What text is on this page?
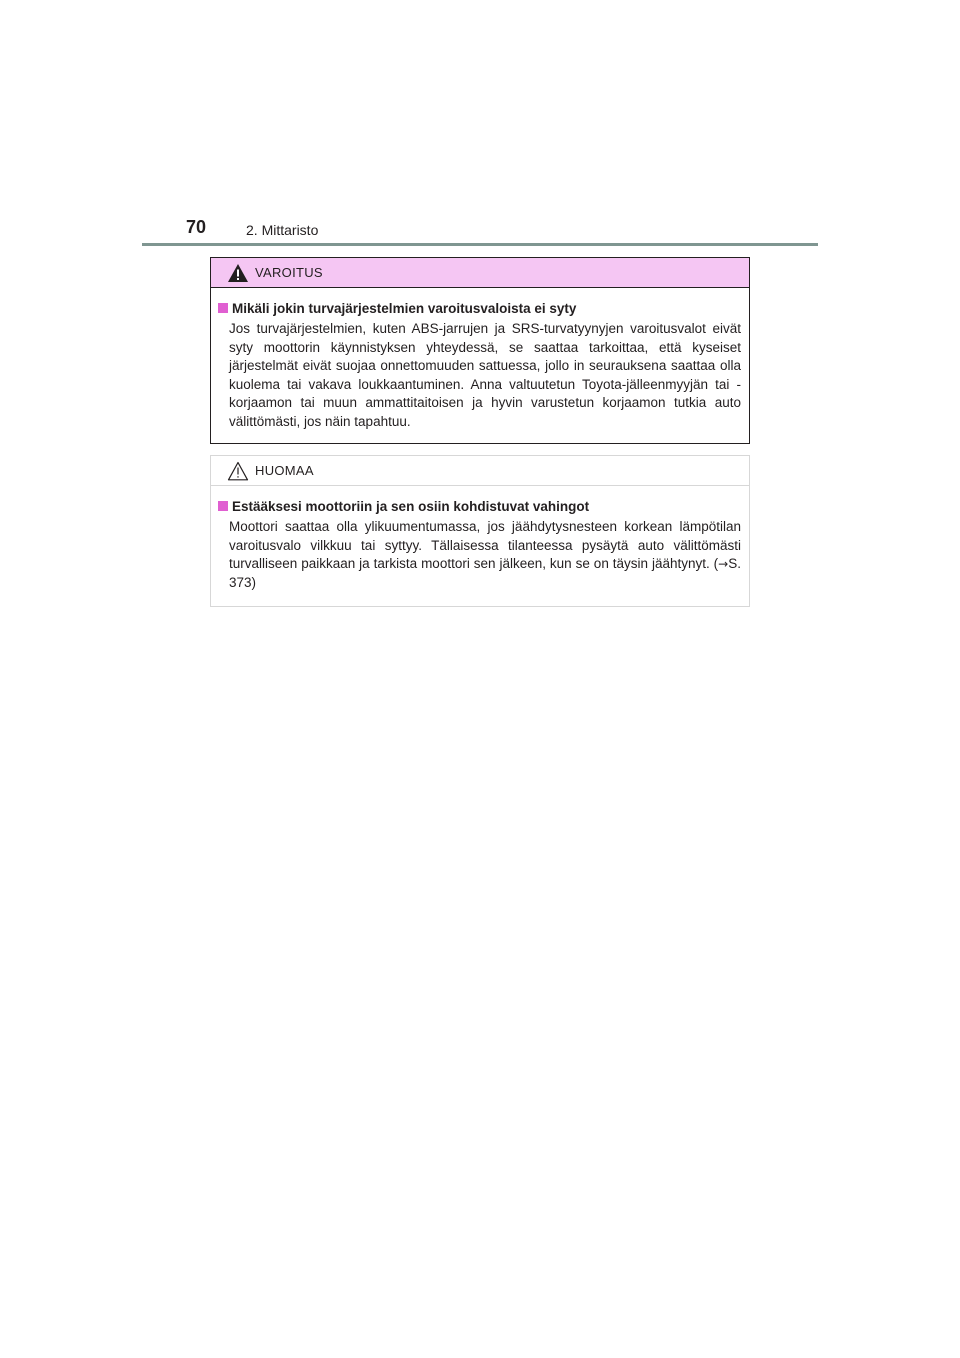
70	2. Mittaristo
VAROITUS
Mikäli jokin turvajärjestelmien varoitusvaloista ei syty
Jos turvajärjestelmien, kuten ABS-jarrujen ja SRS-turvatyynyjen varoitusvalot eivät syty moottorin käynnistyksen yhteydessä, se saattaa tarkoittaa, että kyseiset järjestelmät eivät suojaa onnettomuuden sattuessa, jollo in seurauksena saattaa olla kuolema tai vakava loukkaantuminen. Anna valtuutetun Toyota-jälleenmyyjän tai -korjaamon tai muun ammattitaitoisen ja hyvin varustetun korjaamon tutkia auto välittömästi, jos näin tapahtuu.
HUOMAA
Estääksesi moottoriin ja sen osiin kohdistuvat vahingot
Moottori saattaa olla ylikuumentumassa, jos jäähdytysnesteen korkean lämpötilan varoitusvalo vilkkuu tai syttyy. Tällaisessa tilanteessa pysäytä auto välittömästi turvalliseen paikkaan ja tarkista moottori sen jälkeen, kun se on täysin jäähtynyt. (→S. 373)
